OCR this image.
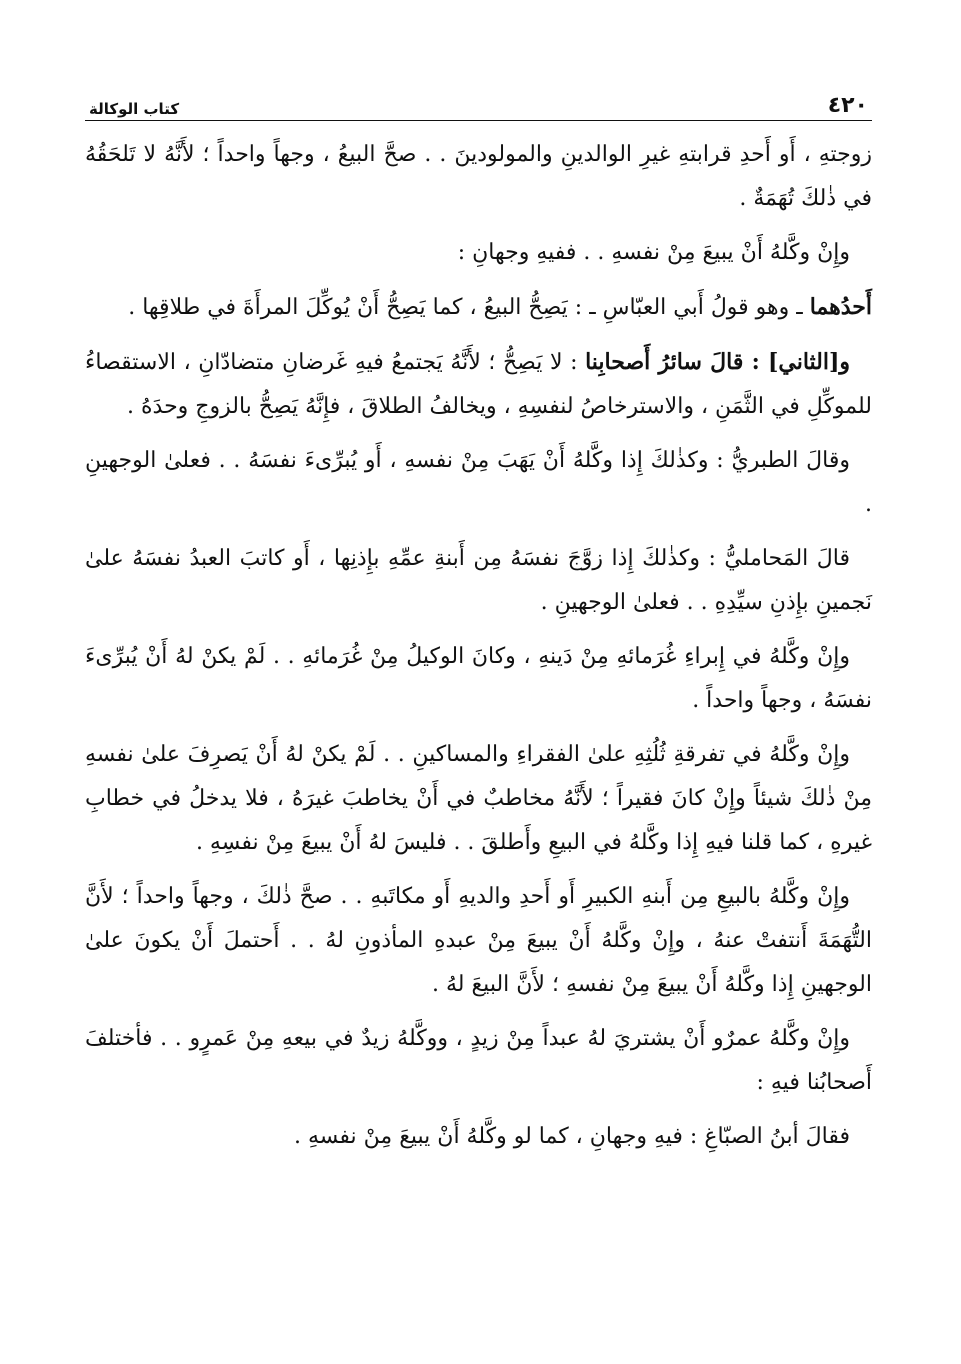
٤٢٠
كتاب الوكالة

زوجتهِ ، أَو أَحدِ قرابتهِ غيرِ الوالدينِ والمولودينَ . . صحَّ البيعُ ، وجهاً واحداً ؛ لأَنَّهُ لا تَلحَقُهُ في ذٰلكَ تُهَمَةٌ .

وإِنْ وكَّلهُ أَنْ يبيعَ مِنْ نفسهِ . . ففيهِ وجهانِ :

أَحدُهما ـ وهو قولُ أَبي العبّاسِ ـ : يَصِحُّ البيعُ ، كما يَصِحُّ أَنْ يُوكِّلَ المرأَةَ في طلاقِها .

و[الثاني] : قالَ سائرُ أَصحابِنا : لا يَصِحُّ ؛ لأَنَّهُ يَجتمعُ فيهِ غَرضانِ متضادّانِ ، الاستقصاءُ للموكِّلِ في الثَّمَنِ ، والاسترخاصُ لنفسِهِ ، ويخالفُ الطلاقَ ، فإِنَّهُ يَصِحُّ بالزوجِ وحدَهُ .

وقالَ الطبريُّ : وكذٰلكَ إِذا وكَّلهُ أَنْ يَهَبَ مِنْ نفسهِ ، أَو يُبرِّىءَ نفسَهُ . . فعلىٰ الوجهينِ .

قالَ المَحامليُّ : وكذٰلكَ إِذا زوَّجَ نفسَهُ مِن أَبنةِ عمِّهِ بإِذنِها ، أَو كاتبَ العبدُ نفسَهُ علىٰ نَجمينِ بإِذنِ سيِّدِهِ . . فعلىٰ الوجهينِ .

وإِنْ وكَّلهُ في إِبراءِ غُرَمائهِ مِنْ دَينهِ ، وكانَ الوكيلُ مِنْ غُرَمائهِ . . لَمْ يكنْ لهُ أَنْ يُبرِّىءَ نفسَهُ ، وجهاً واحداً .

وإِنْ وكَّلهُ في تفرقةِ ثُلُثِهِ علىٰ الفقراءِ والمساكينِ . . لَمْ يكنْ لهُ أَنْ يَصرِفَ علىٰ نفسهِ مِنْ ذٰلكَ شيئاً وإِنْ كانَ فقيراً ؛ لأَنَّهُ مخاطبٌ في أَنْ يخاطبَ غيرَهُ ، فلا يدخلُ في خطابِ غيرهِ ، كما قلنا فيهِ إِذا وكَّلهُ في البيعِ وأَطلقَ . . فليسَ لهُ أَنْ يبيعَ مِنْ نفسِهِ .

وإِنْ وكَّلهُ بالبيعِ مِن أَبنهِ الكبيرِ أَو أَحدِ والديهِ أَو مكاتَبهِ . . صحَّ ذٰلكَ ، وجهاً واحداً ؛ لأَنَّ التُّهَمَةَ أَنتفتْ عنهُ ، وإِنْ وكَّلهُ أَنْ يبيعَ مِنْ عبدهِ المأذونِ لهُ . . أَحتملَ أَنْ يكونَ علىٰ الوجهينِ إِذا وكَّلهُ أَنْ يبيعَ مِنْ نفسهِ ؛ لأَنَّ البيعَ لهُ .

وإِنْ وكَّلهُ عمرٌو أَنْ يشتريَ لهُ عبداً مِنْ زيدٍ ، ووكَّلهُ زيدٌ في بيعهِ مِنْ عَمرٍو . . فأختلفَ أَصحابُنا فيهِ :

فقالَ أبنُ الصبّاغِ : فيهِ وجهانِ ، كما لو وكَّلهُ أَنْ يبيعَ مِنْ نفسهِ .
